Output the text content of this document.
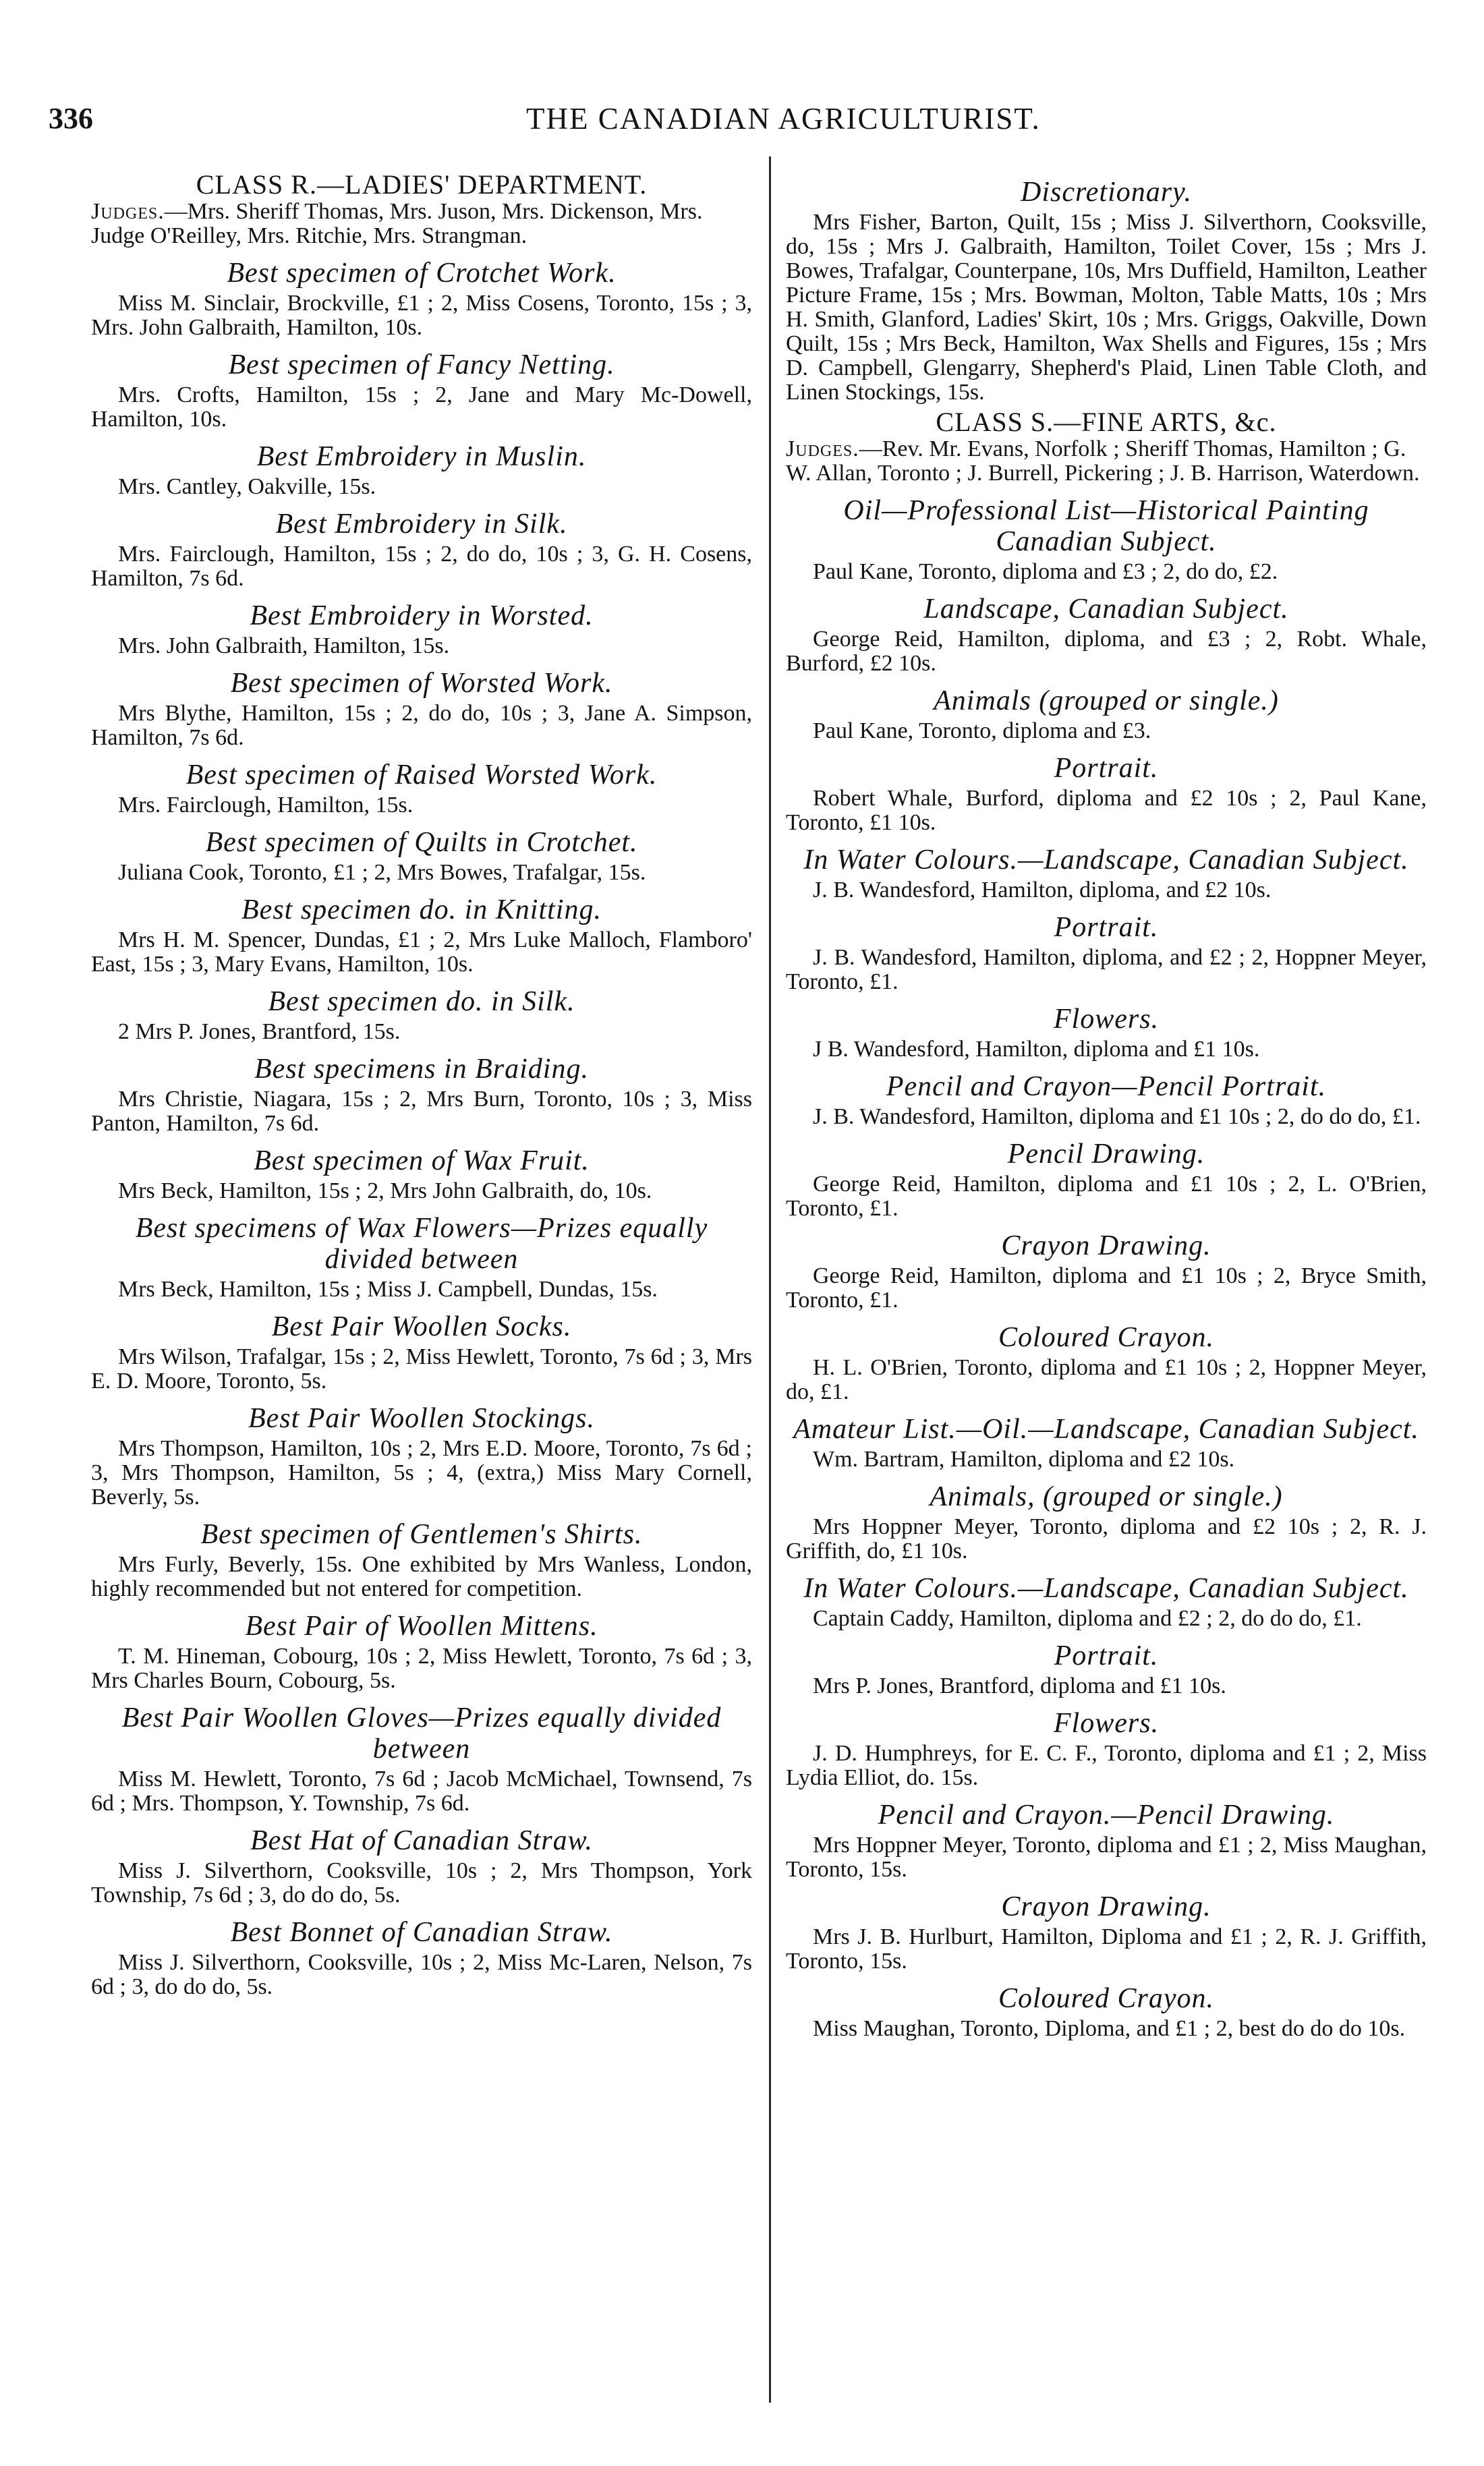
336	THE CANADIAN AGRICULTURIST.

CLASS R.—LADIES' DEPARTMENT.

Judges.—Mrs. Sheriff Thomas, Mrs. Juson, Mrs. Dickenson, Mrs. Judge O'Reilley, Mrs. Ritchie, Mrs. Strangman.

Best specimen of Crotchet Work.

Miss M. Sinclair, Brockville, £1 ; 2, Miss Cosens, Toronto, 15s ; 3, Mrs. John Galbraith, Hamilton, 10s.

Best specimen of Fancy Netting.

Mrs. Crofts, Hamilton, 15s ; 2, Jane and Mary Mc-Dowell, Hamilton, 10s.

Best Embroidery in Muslin.

Mrs. Cantley, Oakville, 15s.

Best Embroidery in Silk.

Mrs. Fairclough, Hamilton, 15s ; 2, do do, 10s ; 3, G. H. Cosens, Hamilton, 7s 6d.

Best Embroidery in Worsted.

Mrs. John Galbraith, Hamilton, 15s.

Best specimen of Worsted Work.

Mrs Blythe, Hamilton, 15s ; 2, do do, 10s ; 3, Jane A. Simpson, Hamilton, 7s 6d.

Best specimen of Raised Worsted Work.

Mrs. Fairclough, Hamilton, 15s.

Best specimen of Quilts in Crotchet.

Juliana Cook, Toronto, £1 ; 2, Mrs Bowes, Trafalgar, 15s.

Best specimen do. in Knitting.

Mrs H. M. Spencer, Dundas, £1 ; 2, Mrs Luke Malloch, Flamboro' East, 15s ; 3, Mary Evans, Hamilton, 10s.

Best specimen do. in Silk.

2 Mrs P. Jones, Brantford, 15s.

Best specimens in Braiding.

Mrs Christie, Niagara, 15s ; 2, Mrs Burn, Toronto, 10s ; 3, Miss Panton, Hamilton, 7s 6d.

Best specimen of Wax Fruit.

Mrs Beck, Hamilton, 15s ; 2, Mrs John Galbraith, do, 10s.

Best specimens of Wax Flowers—Prizes equally divided between

Mrs Beck, Hamilton, 15s ; Miss J. Campbell, Dundas, 15s.

Best Pair Woollen Socks.

Mrs Wilson, Trafalgar, 15s ; 2, Miss Hewlett, Toronto, 7s 6d ; 3, Mrs E. D. Moore, Toronto, 5s.

Best Pair Woollen Stockings.

Mrs Thompson, Hamilton, 10s ; 2, Mrs E.D. Moore, Toronto, 7s 6d ; 3, Mrs Thompson, Hamilton, 5s ; 4, (extra,) Miss Mary Cornell, Beverly, 5s.

Best specimen of Gentlemen's Shirts.

Mrs Furly, Beverly, 15s. One exhibited by Mrs Wanless, London, highly recommended but not entered for competition.

Best Pair of Woollen Mittens.

T. M. Hineman, Cobourg, 10s ; 2, Miss Hewlett, Toronto, 7s 6d ; 3, Mrs Charles Bourn, Cobourg, 5s.

Best Pair Woollen Gloves—Prizes equally divided between

Miss M. Hewlett, Toronto, 7s 6d ; Jacob McMichael, Townsend, 7s 6d ; Mrs. Thompson, Y. Township, 7s 6d.

Best Hat of Canadian Straw.

Miss J. Silverthorn, Cooksville, 10s ; 2, Mrs Thompson, York Township, 7s 6d ; 3, do do do, 5s.

Best Bonnet of Canadian Straw.

Miss J. Silverthorn, Cooksville, 10s ; 2, Miss Mc-Laren, Nelson, 7s 6d ; 3, do do do, 5s.

Discretionary.

Mrs Fisher, Barton, Quilt, 15s ; Miss J. Silverthorn, Cooksville, do, 15s ; Mrs J. Galbraith, Hamilton, Toilet Cover, 15s ; Mrs J. Bowes, Trafalgar, Counterpane, 10s, Mrs Duffield, Hamilton, Leather Picture Frame, 15s ; Mrs. Bowman, Molton, Table Matts, 10s ; Mrs H. Smith, Glanford, Ladies' Skirt, 10s ; Mrs. Griggs, Oakville, Down Quilt, 15s ; Mrs Beck, Hamilton, Wax Shells and Figures, 15s ; Mrs D. Campbell, Glengarry, Shepherd's Plaid, Linen Table Cloth, and Linen Stockings, 15s.

CLASS S.—FINE ARTS, &c.

Judges.—Rev. Mr. Evans, Norfolk ; Sheriff Thomas, Hamilton ; G. W. Allan, Toronto ; J. Burrell, Pickering ; J. B. Harrison, Waterdown.

Oil—Professional List—Historical Painting Canadian Subject.

Paul Kane, Toronto, diploma and £3 ; 2, do do, £2.

Landscape, Canadian Subject.

George Reid, Hamilton, diploma, and £3 ; 2, Robt. Whale, Burford, £2 10s.

Animals (grouped or single.)

Paul Kane, Toronto, diploma and £3.

Portrait.

Robert Whale, Burford, diploma and £2 10s ; 2, Paul Kane, Toronto, £1 10s.

In Water Colours.—Landscape, Canadian Subject.

J. B. Wandesford, Hamilton, diploma, and £2 10s.

Portrait.

J. B. Wandesford, Hamilton, diploma, and £2 ; 2, Hoppner Meyer, Toronto, £1.

Flowers.

J B. Wandesford, Hamilton, diploma and £1 10s.

Pencil and Crayon—Pencil Portrait.

J. B. Wandesford, Hamilton, diploma and £1 10s ; 2, do do do, £1.

Pencil Drawing.

George Reid, Hamilton, diploma and £1 10s ; 2, L. O'Brien, Toronto, £1.

Crayon Drawing.

George Reid, Hamilton, diploma and £1 10s ; 2, Bryce Smith, Toronto, £1.

Coloured Crayon.

H. L. O'Brien, Toronto, diploma and £1 10s ; 2, Hoppner Meyer, do, £1.

Amateur List.—Oil.—Landscape, Canadian Subject.

Wm. Bartram, Hamilton, diploma and £2 10s.

Animals, (grouped or single.)

Mrs Hoppner Meyer, Toronto, diploma and £2 10s ; 2, R. J. Griffith, do, £1 10s.

In Water Colours.—Landscape, Canadian Subject.

Captain Caddy, Hamilton, diploma and £2 ; 2, do do do, £1.

Portrait.

Mrs P. Jones, Brantford, diploma and £1 10s.

Flowers.

J. D. Humphreys, for E. C. F., Toronto, diploma and £1 ; 2, Miss Lydia Elliot, do. 15s.

Pencil and Crayon.—Pencil Drawing.

Mrs Hoppner Meyer, Toronto, diploma and £1 ; 2, Miss Maughan, Toronto, 15s.

Crayon Drawing.

Mrs J. B. Hurlburt, Hamilton, Diploma and £1 ; 2, R. J. Griffith, Toronto, 15s.

Coloured Crayon.

Miss Maughan, Toronto, Diploma, and £1 ; 2, best do do do 10s.
